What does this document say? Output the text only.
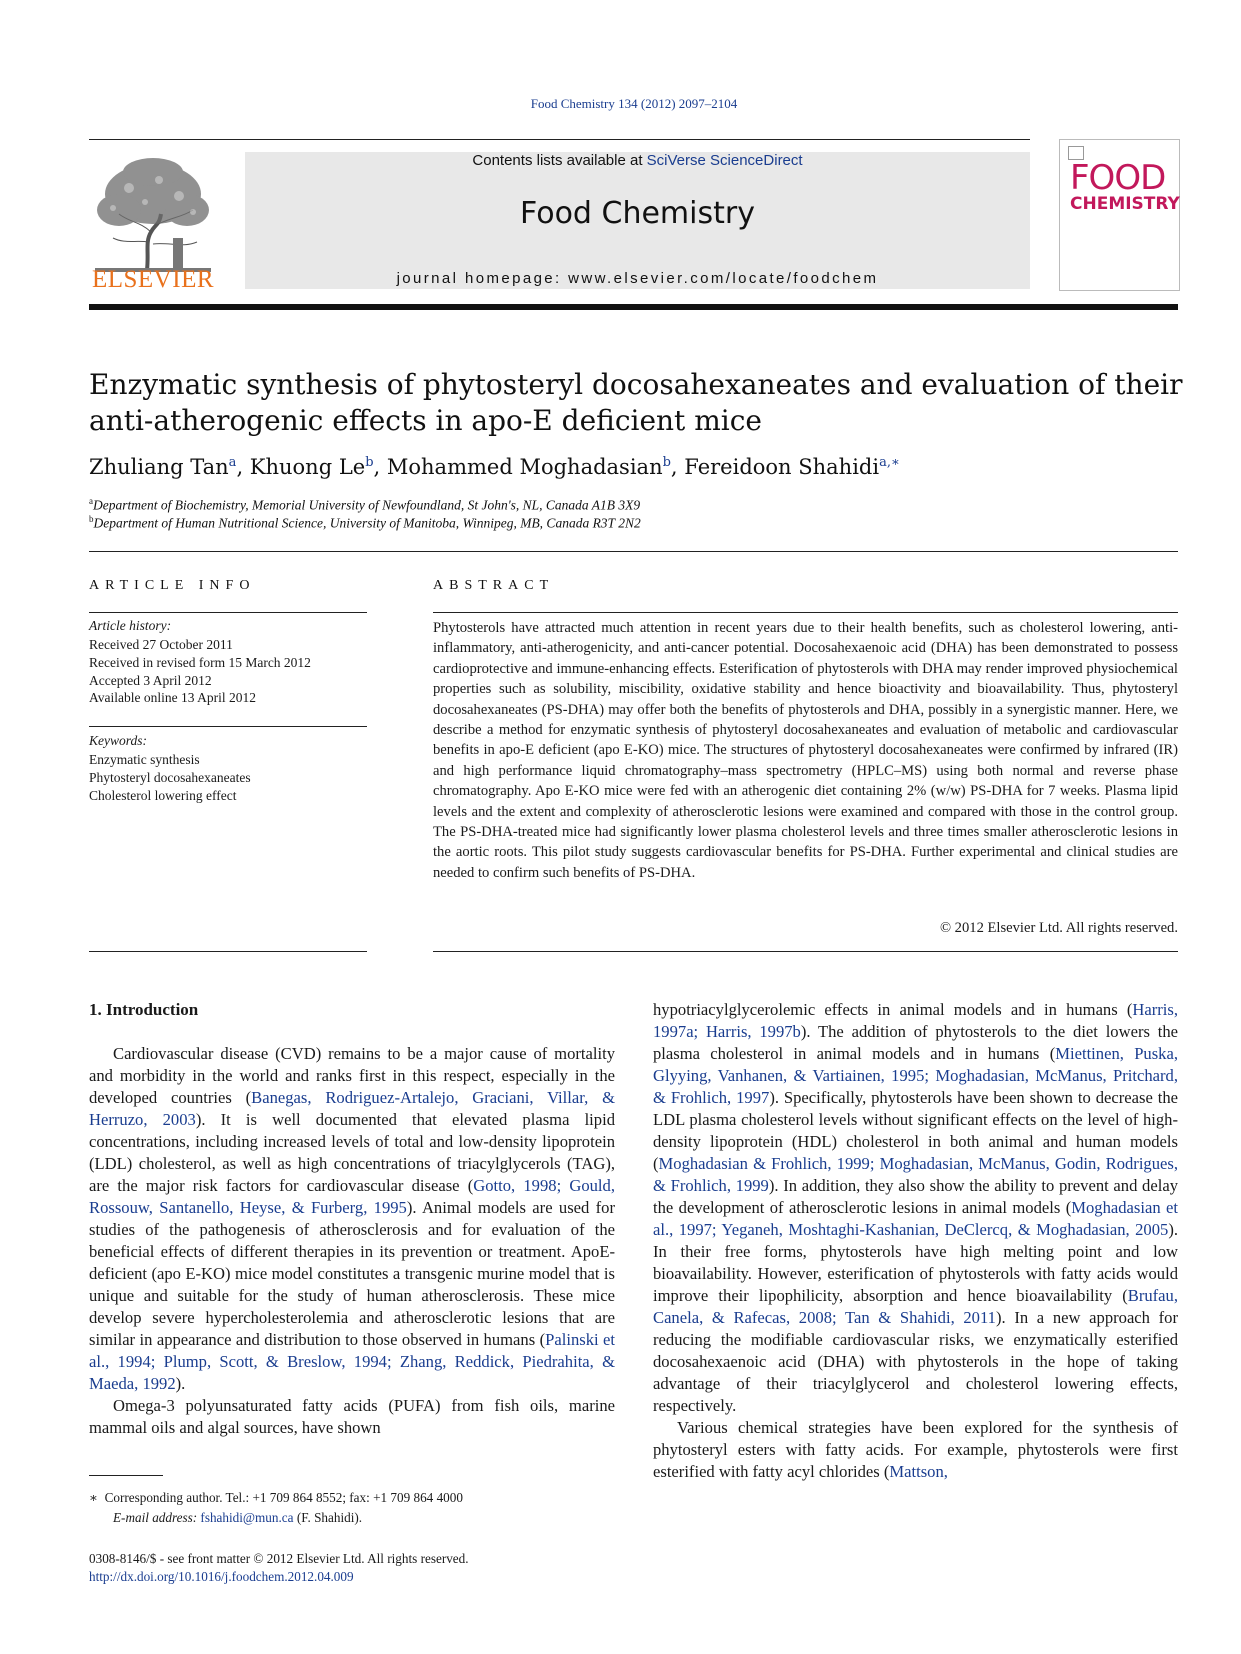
Food Chemistry 134 (2012) 2097–2104
ELSEVIER
Contents lists available at SciVerse ScienceDirect
Food Chemistry
journal homepage: www.elsevier.com/locate/foodchem
FOOD
CHEMISTRY
Enzymatic synthesis of phytosteryl docosahexaneates and evaluation of their anti-atherogenic effects in apo-E deficient mice
Zhuliang Tan$^a$, Khuong Le$^b$, Mohammed Moghadasian$^b$, Fereidoon Shahidi$^{a,∗}$
$^a$Department of Biochemistry, Memorial University of Newfoundland, St John's, NL, Canada A1B 3X9
$^b$Department of Human Nutritional Science, University of Manitoba, Winnipeg, MB, Canada R3T 2N2
ARTICLE INFO
Article history:
Received 27 October 2011
Received in revised form 15 March 2012
Accepted 3 April 2012
Available online 13 April 2012
Keywords:
Enzymatic synthesis
Phytosteryl docosahexaneates
Cholesterol lowering effect
ABSTRACT

Phytosterols have attracted much attention in recent years due to their health benefits, such as cholesterol lowering, anti-inflammatory, anti-atherogenicity, and anti-cancer potential. Docosahexaenoic acid (DHA) has been demonstrated to possess cardioprotective and immune-enhancing effects. Esterification of phytosterols with DHA may render improved physiochemical properties such as solubility, miscibility, oxidative stability and hence bioactivity and bioavailability. Thus, phytosteryl docosahexaneates (PS-DHA) may offer both the benefits of phytosterols and DHA, possibly in a synergistic manner. Here, we describe a method for enzymatic synthesis of phytosteryl docosahexaneates and evaluation of metabolic and cardiovascular benefits in apo-E deficient (apo E-KO) mice. The structures of phytosteryl docosahexaneates were confirmed by infrared (IR) and high performance liquid chromatography–mass spectrometry (HPLC–MS) using both normal and reverse phase chromatography. Apo E-KO mice were fed with an atherogenic diet containing 2% (w/w) PS-DHA for 7 weeks. Plasma lipid levels and the extent and complexity of atherosclerotic lesions were examined and compared with those in the control group. The PS-DHA-treated mice had significantly lower plasma cholesterol levels and three times smaller atherosclerotic lesions in the aortic roots. This pilot study suggests cardiovascular benefits for PS-DHA. Further experimental and clinical studies are needed to confirm such benefits of PS-DHA.

© 2012 Elsevier Ltd. All rights reserved.
1. Introduction

Cardiovascular disease (CVD) remains to be a major cause of mortality and morbidity in the world and ranks first in this respect, especially in the developed countries (Banegas, Rodriguez-Artalejo, Graciani, Villar, & Herruzo, 2003). It is well documented that elevated plasma lipid concentrations, including increased levels of total and low-density lipoprotein (LDL) cholesterol, as well as high concentrations of triacylglycerols (TAG), are the major risk factors for cardiovascular disease (Gotto, 1998; Gould, Rossouw, Santanello, Heyse, & Furberg, 1995). Animal models are used for studies of the pathogenesis of atherosclerosis and for evaluation of the beneficial effects of different therapies in its prevention or treatment. ApoE-deficient (apo E-KO) mice model constitutes a transgenic murine model that is unique and suitable for the study of human atherosclerosis. These mice develop severe hypercholesterolemia and atherosclerotic lesions that are similar in appearance and distribution to those observed in humans (Palinski et al., 1994; Plump, Scott, & Breslow, 1994; Zhang, Reddick, Piedrahita, & Maeda, 1992).

Omega-3 polyunsaturated fatty acids (PUFA) from fish oils, marine mammal oils and algal sources, have shown

hypotriacylglycerolemic effects in animal models and in humans (Harris, 1997a; Harris, 1997b). The addition of phytosterols to the diet lowers the plasma cholesterol in animal models and in humans (Miettinen, Puska, Glyying, Vanhanen, & Vartiainen, 1995; Moghadasian, McManus, Pritchard, & Frohlich, 1997). Specifically, phytosterols have been shown to decrease the LDL plasma cholesterol levels without significant effects on the level of high-density lipoprotein (HDL) cholesterol in both animal and human models (Moghadasian & Frohlich, 1999; Moghadasian, McManus, Godin, Rodrigues, & Frohlich, 1999). In addition, they also show the ability to prevent and delay the development of atherosclerotic lesions in animal models (Moghadasian et al., 1997; Yeganeh, Moshtaghi-Kashanian, DeClercq, & Moghadasian, 2005). In their free forms, phytosterols have high melting point and low bioavailability. However, esterification of phytosterols with fatty acids would improve their lipophilicity, absorption and hence bioavailability (Brufau, Canela, & Rafecas, 2008; Tan & Shahidi, 2011). In a new approach for reducing the modifiable cardiovascular risks, we enzymatically esterified docosahexaenoic acid (DHA) with phytosterols in the hope of taking advantage of their triacylglycerol and cholesterol lowering effects, respectively.

Various chemical strategies have been explored for the synthesis of phytosteryl esters with fatty acids. For example, phytosterols were first esterified with fatty acyl chlorides (Mattson,

∗ Corresponding author. Tel.: +1 709 864 8552; fax: +1 709 864 4000
E-mail address: fshahidi@mun.ca (F. Shahidi).
0308-8146/$ - see front matter © 2012 Elsevier Ltd. All rights reserved.
http://dx.doi.org/10.1016/j.foodchem.2012.04.009
